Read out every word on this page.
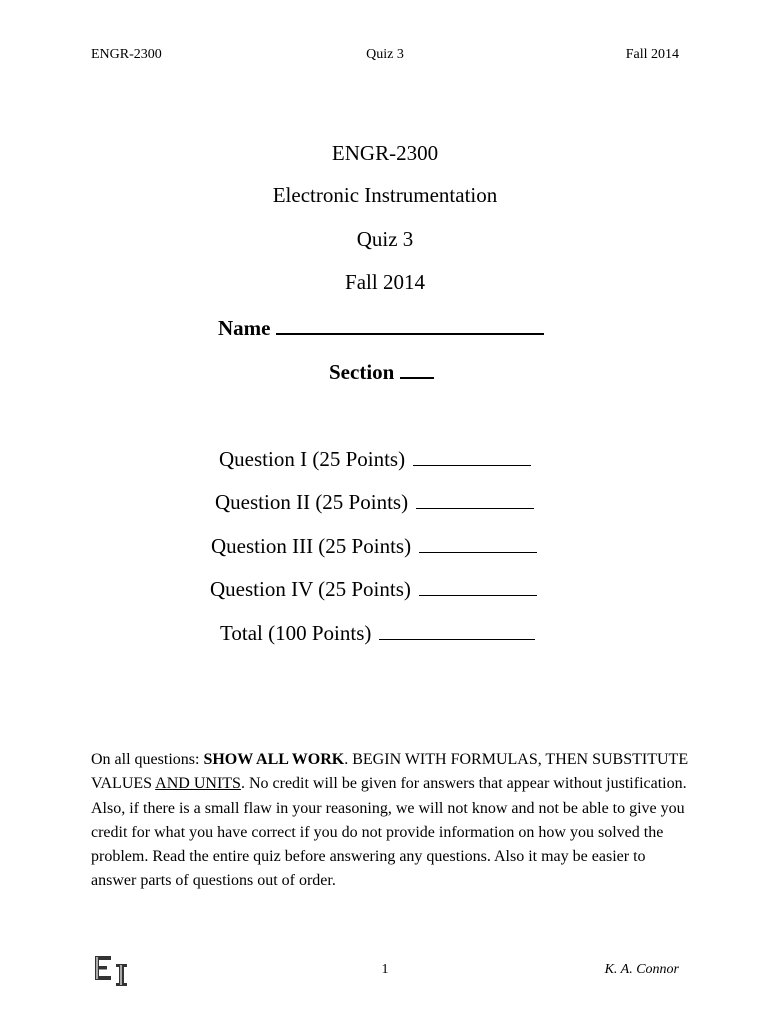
ENGR-2300	Quiz 3	Fall 2014
ENGR-2300
Electronic Instrumentation
Quiz 3
Fall 2014
Name
Section
Question I (25 Points)
Question II (25 Points)
Question III (25 Points)
Question IV (25 Points)
Total (100 Points)
On all questions: SHOW ALL WORK. BEGIN WITH FORMULAS, THEN SUBSTITUTE VALUES AND UNITS. No credit will be given for answers that appear without justification. Also, if there is a small flaw in your reasoning, we will not know and not be able to give you credit for what you have correct if you do not provide information on how you solved the problem. Read the entire quiz before answering any questions. Also it may be easier to answer parts of questions out of order.
1	K. A. Connor
